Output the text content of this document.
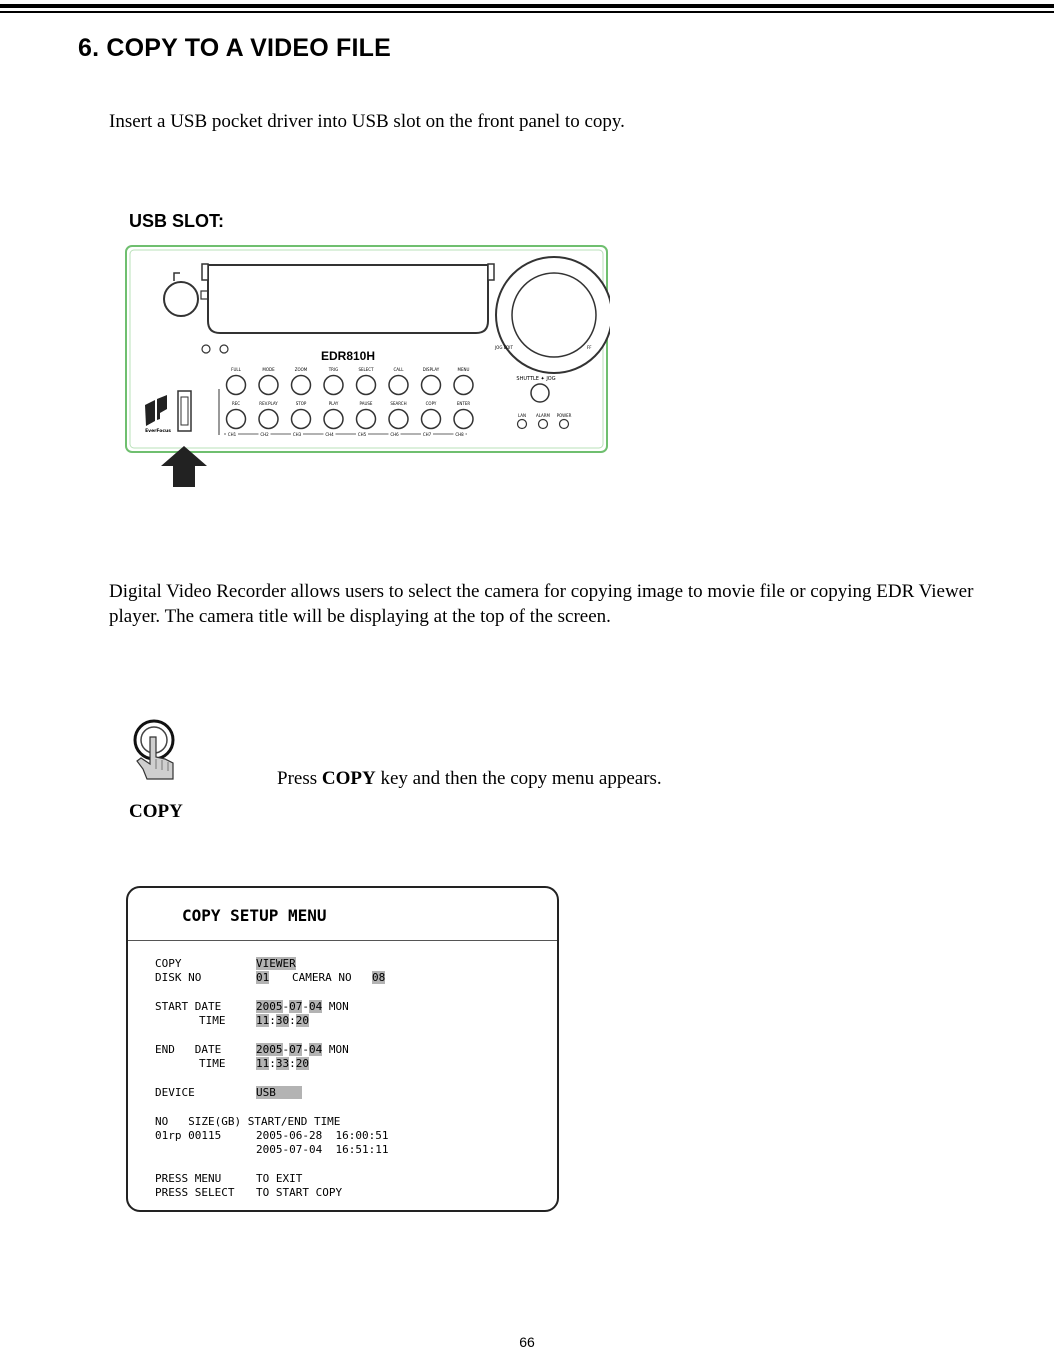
6. COPY TO A VIDEO FILE

Insert a USB pocket driver into USB slot on the front panel to copy.

USB SLOT:
EDR810H
JOG EDIT	FF
SHUTTLE ✦ JOG
LAN ALARM POWER
EverFocus
FULL	MODE	ZOOM	TRIG	SELECT	CALL	DISPLAY	MENU
REC	REV.PLAY	STOP	PLAY	PAUSE	SEARCH	COPY	ENTER
CH1	CH2	CH3	CH4	CH5	CH6	CH7	CH8

Digital Video Recorder allows users to select the camera for copying image to movie file or copying EDR Viewer player. The camera title will be displaying at the top of the screen.

COPY
Press COPY key and then the copy menu appears.
COPY SETUP MENU
COPY	VIEWER
DISK NO	01 CAMERA NO 08
START DATE	2005-07-04 MON
TIME	11:30:20
END   DATE	2005-07-04 MON
TIME	11:33:20
DEVICE	USB
NO   SIZE(GB) START/END TIME
01rp 00115	2005-06-28  16:00:51
2005-07-04  16:51:11
PRESS MENU	TO EXIT
PRESS SELECT TO START COPY
66
